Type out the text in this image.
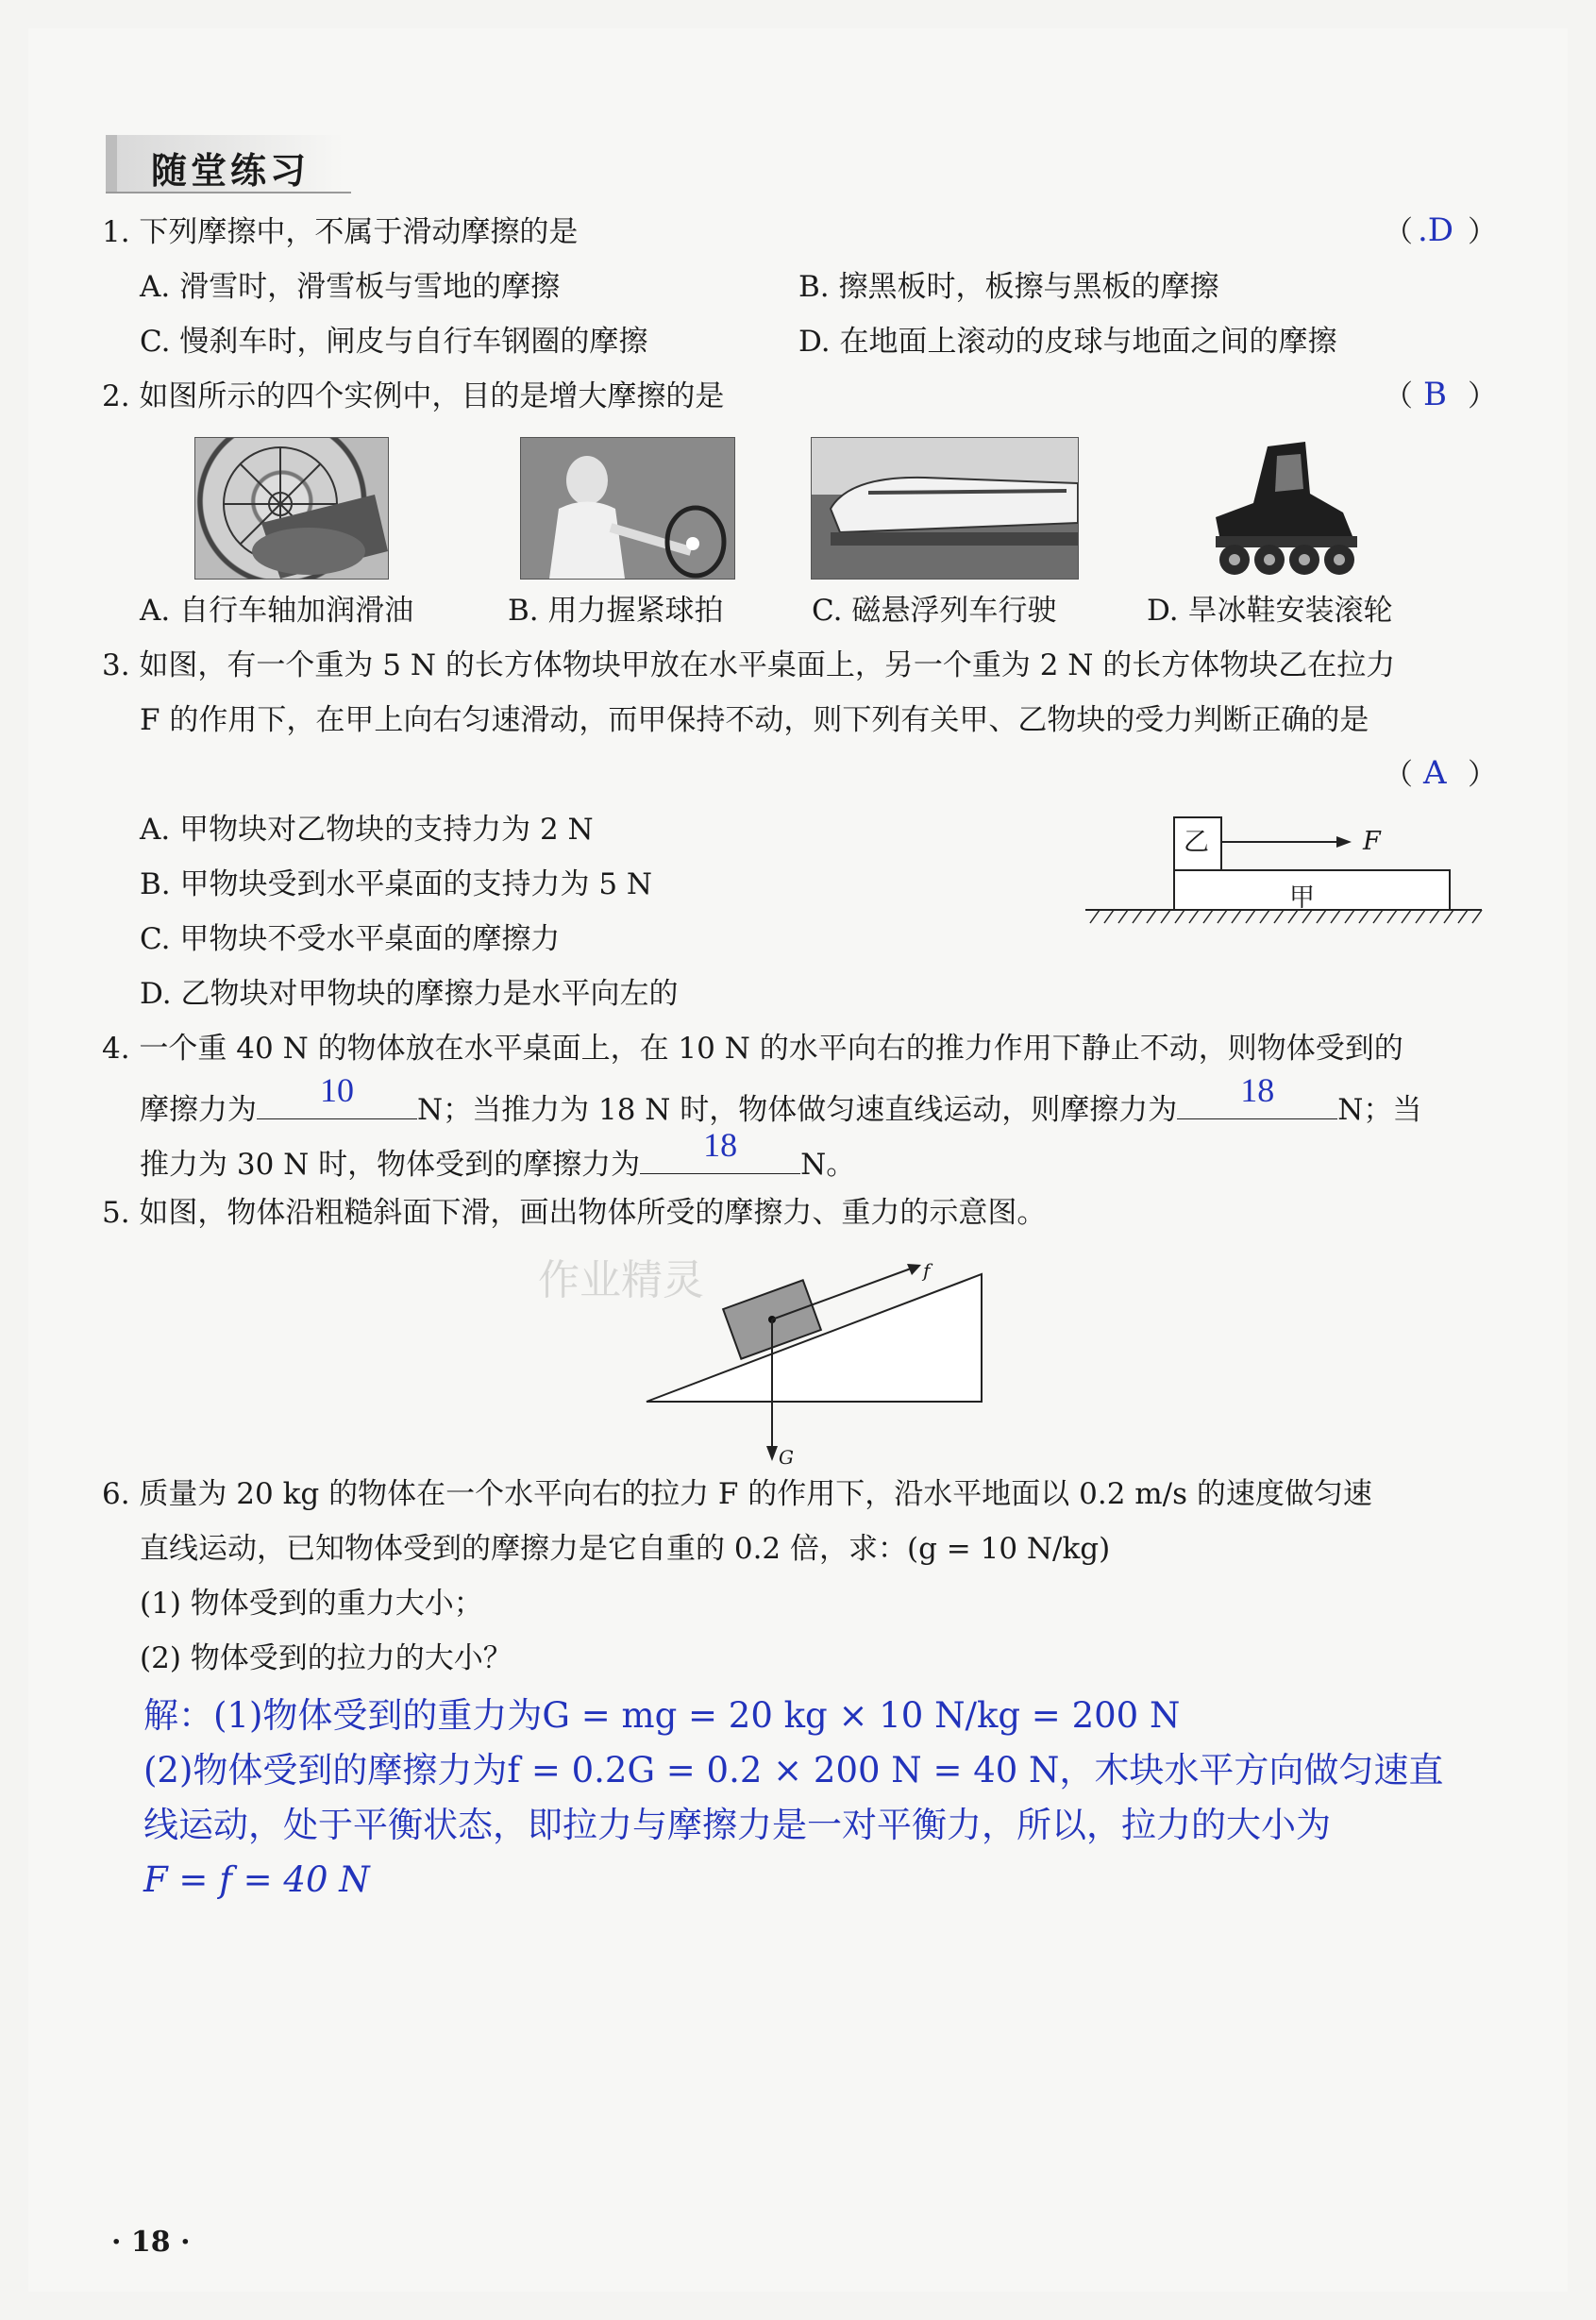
随堂练习
1. 下列摩擦中，不属于滑动摩擦的是	（ .D ）
A. 滑雪时，滑雪板与雪地的摩擦	B. 擦黑板时，板擦与黑板的摩擦
C. 慢刹车时，闸皮与自行车钢圈的摩擦	D. 在地面上滚动的皮球与地面之间的摩擦
2. 如图所示的四个实例中，目的是增大摩擦的是	（ B ）
A. 自行车轴加润滑油	B. 用力握紧球拍	C. 磁悬浮列车行驶	D. 旱冰鞋安装滚轮
3. 如图，有一个重为 5 N 的长方体物块甲放在水平桌面上，另一个重为 2 N 的长方体物块乙在拉力
F 的作用下，在甲上向右匀速滑动，而甲保持不动，则下列有关甲、乙物块的受力判断正确的是
（ A ）
A. 甲物块对乙物块的支持力为 2 N
B. 甲物块受到水平桌面的支持力为 5 N
C. 甲物块不受水平桌面的摩擦力
D. 乙物块对甲物块的摩擦力是水平向左的
乙
甲
F
4. 一个重 40 N 的物体放在水平桌面上，在 10 N 的水平向右的推力作用下静止不动，则物体受到的
摩擦力为
10
N；当推力为 18 N 时，物体做匀速直线运动，则摩擦力为
18
N；当
推力为 30 N 时，物体受到的摩擦力为
18
N。
5. 如图，物体沿粗糙斜面下滑，画出物体所受的摩擦力、重力的示意图。
f
G
作业精灵
6. 质量为 20 kg 的物体在一个水平向右的拉力 F 的作用下，沿水平地面以 0.2 m/s 的速度做匀速
直线运动，已知物体受到的摩擦力是它自重的 0.2 倍，求：(g = 10 N/kg)
(1) 物体受到的重力大小；
(2) 物体受到的拉力的大小？
解：(1)物体受到的重力为G = mg = 20 kg × 10 N/kg = 200 N
(2)物体受到的摩擦力为f = 0.2G = 0.2 × 200 N = 40 N，木块水平方向做匀速直
线运动，处于平衡状态，即拉力与摩擦力是一对平衡力，所以，拉力的大小为
F = f = 40 N
· 18 ·
